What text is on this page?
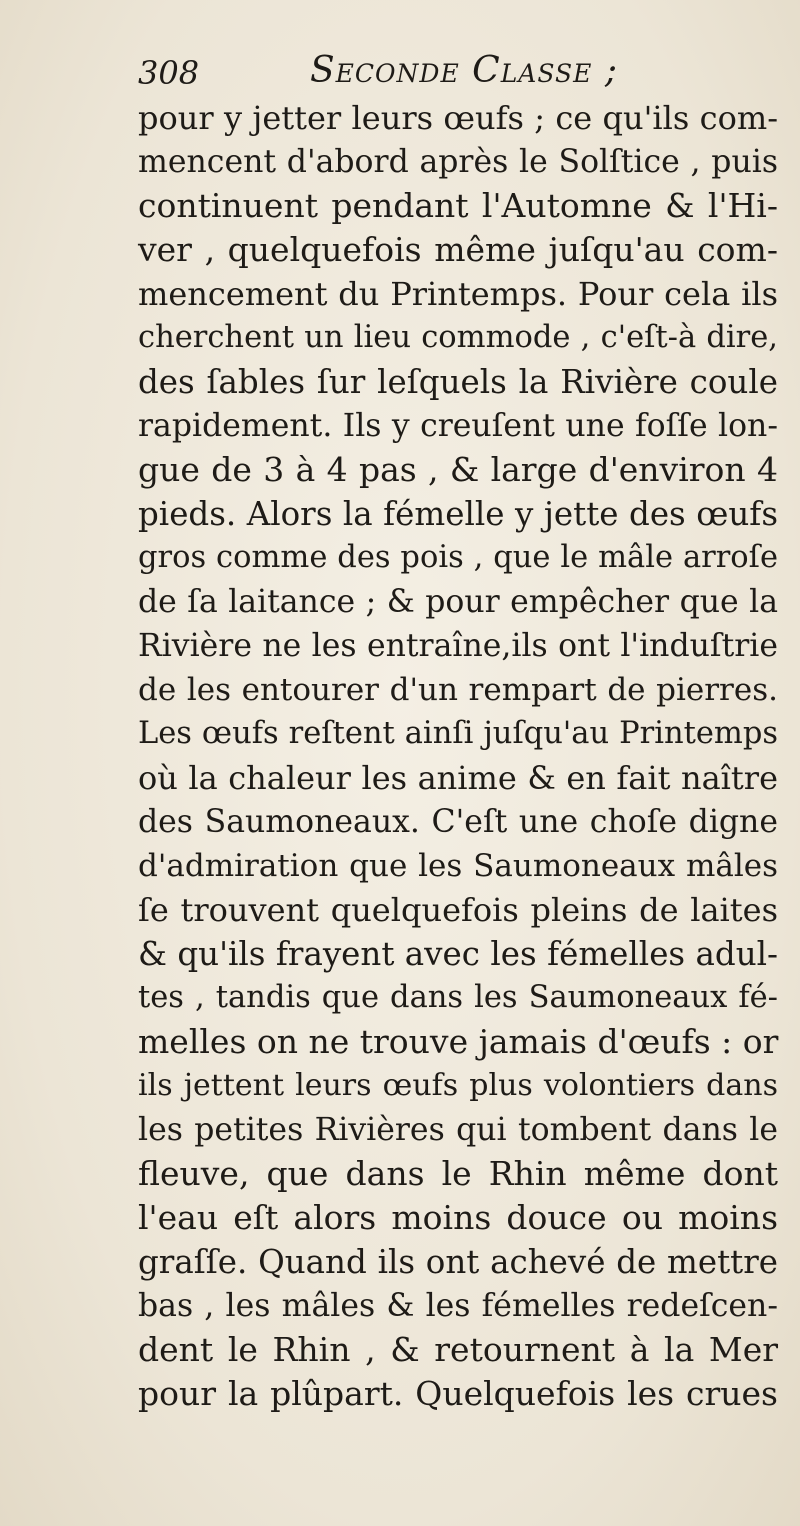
308	Seconde Classe ;
pour y jetter leurs œufs ; ce qu'ils com-
mencent d'abord après le Solſtice , puis
continuent pendant l'Automne & l'Hi-
ver , quelquefois même juſqu'au com-
mencement du Printemps. Pour cela ils
cherchent un lieu commode , c'eſt-à dire,
des ſables ſur leſquels la Rivière coule
rapidement. Ils y creuſent une foſſe lon-
gue de 3 à 4 pas , & large d'environ 4
pieds. Alors la fémelle y jette des œufs
gros comme des pois , que le mâle arroſe
de ſa laitance ; & pour empêcher que la
Rivière ne les entraîne,ils ont l'induſtrie
de les entourer d'un rempart de pierres.
Les œufs reſtent ainſi juſqu'au Printemps
où la chaleur les anime & en fait naître
des Saumoneaux. C'eſt une choſe digne
d'admiration que les Saumoneaux mâles
ſe trouvent quelquefois pleins de laites
& qu'ils frayent avec les fémelles adul-
tes , tandis que dans les Saumoneaux fé-
melles on ne trouve jamais d'œufs : or
ils jettent leurs œufs plus volontiers dans
les petites Rivières qui tombent dans le
fleuve, que dans le Rhin même dont
l'eau eſt alors moins douce ou moins
graſſe. Quand ils ont achevé de mettre
bas , les mâles & les fémelles redeſcen-
dent le Rhin , & retournent à la Mer
pour la plûpart. Quelquefois les crues
